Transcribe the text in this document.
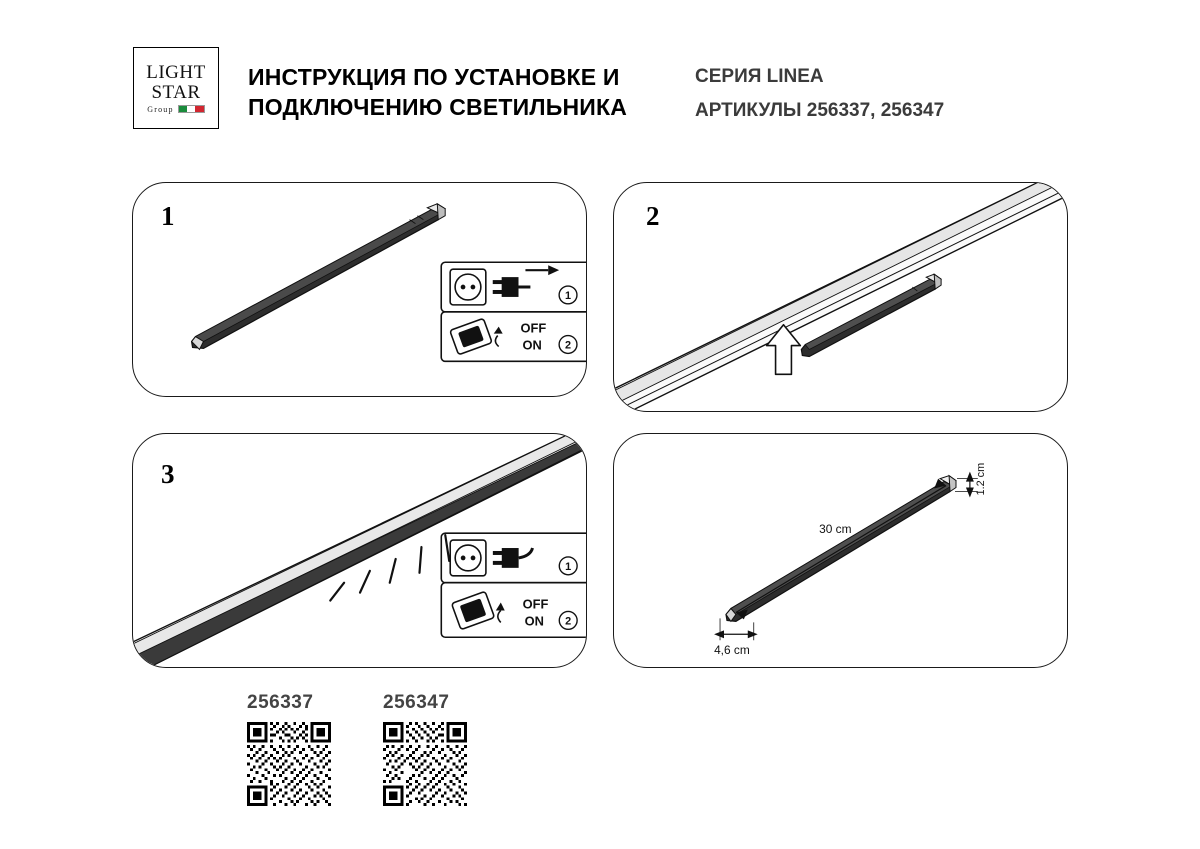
LIGHT
STAR
Group
ИНСТРУКЦИЯ ПО УСТАНОВКЕ И
ПОДКЛЮЧЕНИЮ СВЕТИЛЬНИКА
СЕРИЯ LINEA
АРТИКУЛЫ 256337, 256347
1
1
OFF
ON 2
2
3
1
OFF
ON 2
30 cm
1.2 cm
4,6 cm
256337	256347
